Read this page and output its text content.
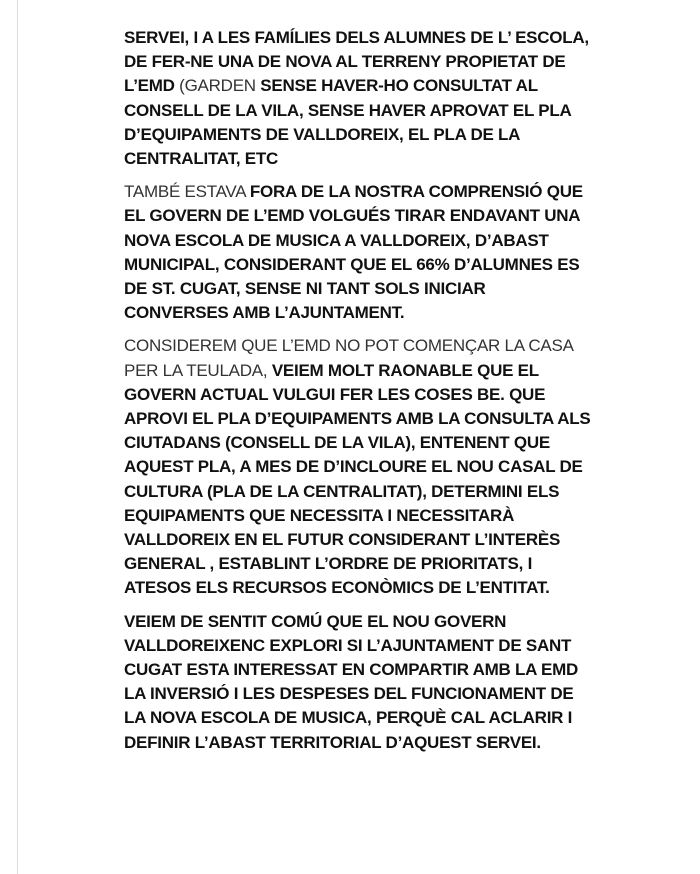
SERVEI, I A LES FAMÍLIES DELS ALUMNES DE L’ ESCOLA, DE FER-NE UNA DE NOVA AL TERRENY PROPIETAT DE L’EMD (GARDEN SENSE HAVER-HO CONSULTAT AL CONSELL DE LA VILA, SENSE HAVER APROVAT EL PLA D’EQUIPAMENTS DE VALLDOREIX, EL PLA DE LA CENTRALITAT, ETC

TAMBÉ ESTAVA FORA DE LA NOSTRA COMPRENSIÓ QUE EL GOVERN DE L’EMD VOLGUÉS TIRAR ENDAVANT UNA NOVA ESCOLA DE MUSICA A VALLDOREIX, D’ABAST MUNICIPAL, CONSIDERANT QUE EL 66% D’ALUMNES ES DE ST. CUGAT, SENSE NI TANT SOLS INICIAR CONVERSES AMB L’AJUNTAMENT.

CONSIDEREM QUE L’EMD NO POT COMENÇAR LA CASA PER LA TEULADA, VEIEM MOLT RAONABLE QUE EL GOVERN ACTUAL VULGUI FER LES COSES BE. QUE APROVI EL PLA D’EQUIPAMENTS AMB LA CONSULTA ALS CIUTADANS (CONSELL DE LA VILA), ENTENENT QUE AQUEST PLA, A MES DE D’INCLOURE EL NOU CASAL DE CULTURA (PLA DE LA CENTRALITAT), DETERMINI ELS EQUIPAMENTS QUE NECESSITA I NECESSITARÀ VALLDOREIX EN EL FUTUR CONSIDERANT L’INTERÈS GENERAL , ESTABLINT L’ORDRE DE PRIORITATS, I ATESOS ELS RECURSOS ECONÒMICS DE L’ENTITAT.

VEIEM DE SENTIT COMÚ QUE EL NOU GOVERN VALLDOREIXENC EXPLORI SI L’AJUNTAMENT DE SANT CUGAT ESTA INTERESSAT EN COMPARTIR AMB LA EMD LA INVERSIÓ I LES DESPESES DEL FUNCIONAMENT DE LA NOVA ESCOLA DE MUSICA, PERQUÈ CAL ACLARIR I DEFINIR L’ABAST TERRITORIAL D’AQUEST SERVEI.
